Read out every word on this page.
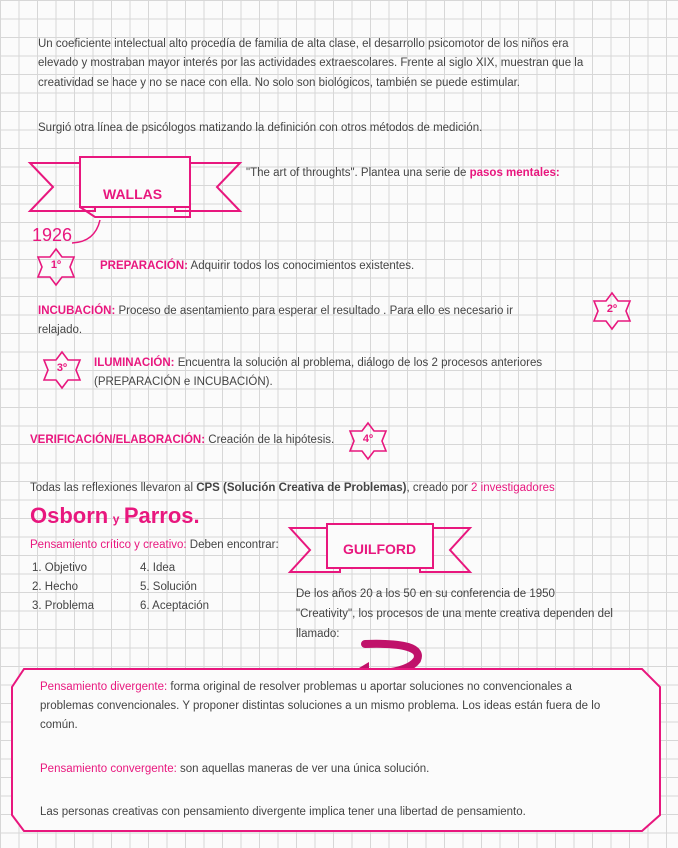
Un coeficiente intelectual alto procedía de familia de alta clase, el desarrollo psicomotor de los niños era
elevado y mostraban mayor interés por las actividades extraescolares. Frente al siglo XIX, muestran que la
creatividad se hace y no se nace con ella. No solo son biológicos, también se puede estimular.
Surgió otra línea de psicólogos matizando la definición con otros métodos de medición.
WALLAS
1926
"The art of throughts". Plantea una serie de pasos mentales:
1º	PREPARACIÓN: Adquirir todos los conocimientos existentes.
INCUBACIÓN: Proceso de asentamiento para esperar el resultado . Para ello es necesario ir
relajado.
2º
3º	ILUMINACIÓN: Encuentra la solución al problema, diálogo de los 2 procesos anteriores
(PREPARACIÓN e INCUBACIÓN).
VERIFICACIÓN/ELABORACIÓN: Creación de la hipótesis.	4º
Todas las reflexiones llevaron al CPS (Solución Creativa de Problemas), creado por 2 investigadores
Osborn y Parros.
Pensamiento crítico y creativo: Deben encontrar:
1. Objetivo
2. Hecho
3. Problema
4. Idea
5. Solución
6. Aceptación
GUILFORD
De los años 20 a los 50 en su conferencia de 1950
"Creativity", los procesos de una mente creativa dependen del
llamado:
Pensamiento divergente: forma original de resolver problemas u aportar soluciones no convencionales a
problemas convencionales. Y proponer distintas soluciones a un mismo problema. Los ideas están fuera de lo
común.
Pensamiento convergente: son aquellas maneras de ver una única solución.
Las personas creativas con pensamiento divergente implica tener una libertad de pensamiento.
